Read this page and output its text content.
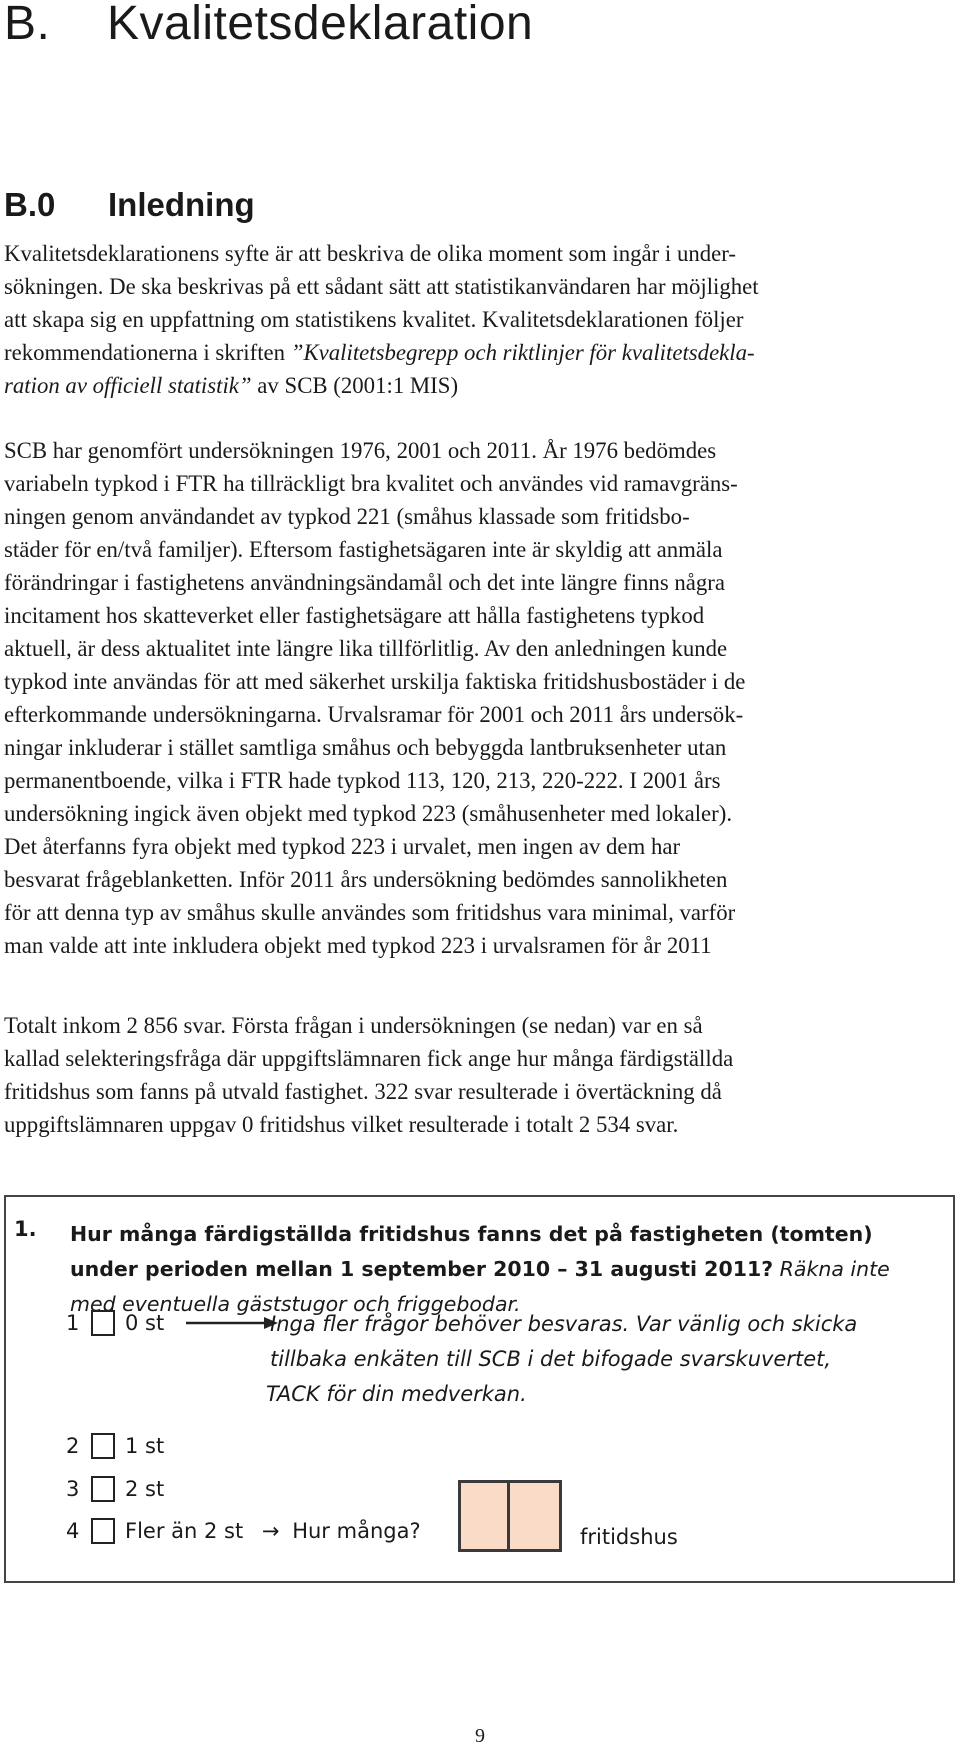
B. Kvalitetsdeklaration
B.0 Inledning
Kvalitetsdeklarationens syfte är att beskriva de olika moment som ingår i under-
sökningen. De ska beskrivas på ett sådant sätt att statistikanvändaren har möjlighet
att skapa sig en uppfattning om statistikens kvalitet. Kvalitetsdeklarationen följer
rekommendationerna i skriften ”Kvalitetsbegrepp och riktlinjer för kvalitetsdekla-
ration av officiell statistik” av SCB (2001:1 MIS)
SCB har genomfört undersökningen 1976, 2001 och 2011. År 1976 bedömdes
variabeln typkod i FTR ha tillräckligt bra kvalitet och användes vid ramavgräns-
ningen genom användandet av typkod 221 (småhus klassade som fritidsbo-
städer för en/två familjer). Eftersom fastighetsägaren inte är skyldig att anmäla
förändringar i fastighetens användningsändamål och det inte längre finns några
incitament hos skatteverket eller fastighetsägare att hålla fastighetens typkod
aktuell, är dess aktualitet inte längre lika tillförlitlig. Av den anledningen kunde
typkod inte användas för att med säkerhet urskilja faktiska fritidshusbostäder i de
efterkommande undersökningarna. Urvalsramar för 2001 och 2011 års undersök-
ningar inkluderar i stället samtliga småhus och bebyggda lantbruksenheter utan
permanentboende, vilka i FTR hade typkod 113, 120, 213, 220-222. I 2001 års
undersökning ingick även objekt med typkod 223 (småhusenheter med lokaler).
Det återfanns fyra objekt med typkod 223 i urvalet, men ingen av dem har
besvarat frågeblanketten. Inför 2011 års undersökning bedömdes sannolikheten
för att denna typ av småhus skulle användes som fritidshus vara minimal, varför
man valde att inte inkludera objekt med typkod 223 i urvalsramen för år 2011
Totalt inkom 2 856 svar. Första frågan i undersökningen (se nedan) var en så
kallad selekteringsfråga där uppgiftslämnaren fick ange hur många färdigställda
fritidshus som fanns på utvald fastighet. 322 svar resulterade i övertäckning då
uppgiftslämnaren uppgav 0 fritidshus vilket resulterade i totalt 2 534 svar.
1. Hur många färdigställda fritidshus fanns det på fastigheten (tomten) under perioden mellan 1 september 2010 – 31 augusti 2011? Räkna inte med eventuella gäststugor och friggebodar.
1 0 st	Inga fler frågor behöver besvaras. Var vänlig och skicka
tillbaka enkäten till SCB i det bifogade svarskuvertet,
TACK för din medverkan.
2 1 st
3 2 st
4 Fler än 2 st → Hur många?	fritidshus
9
